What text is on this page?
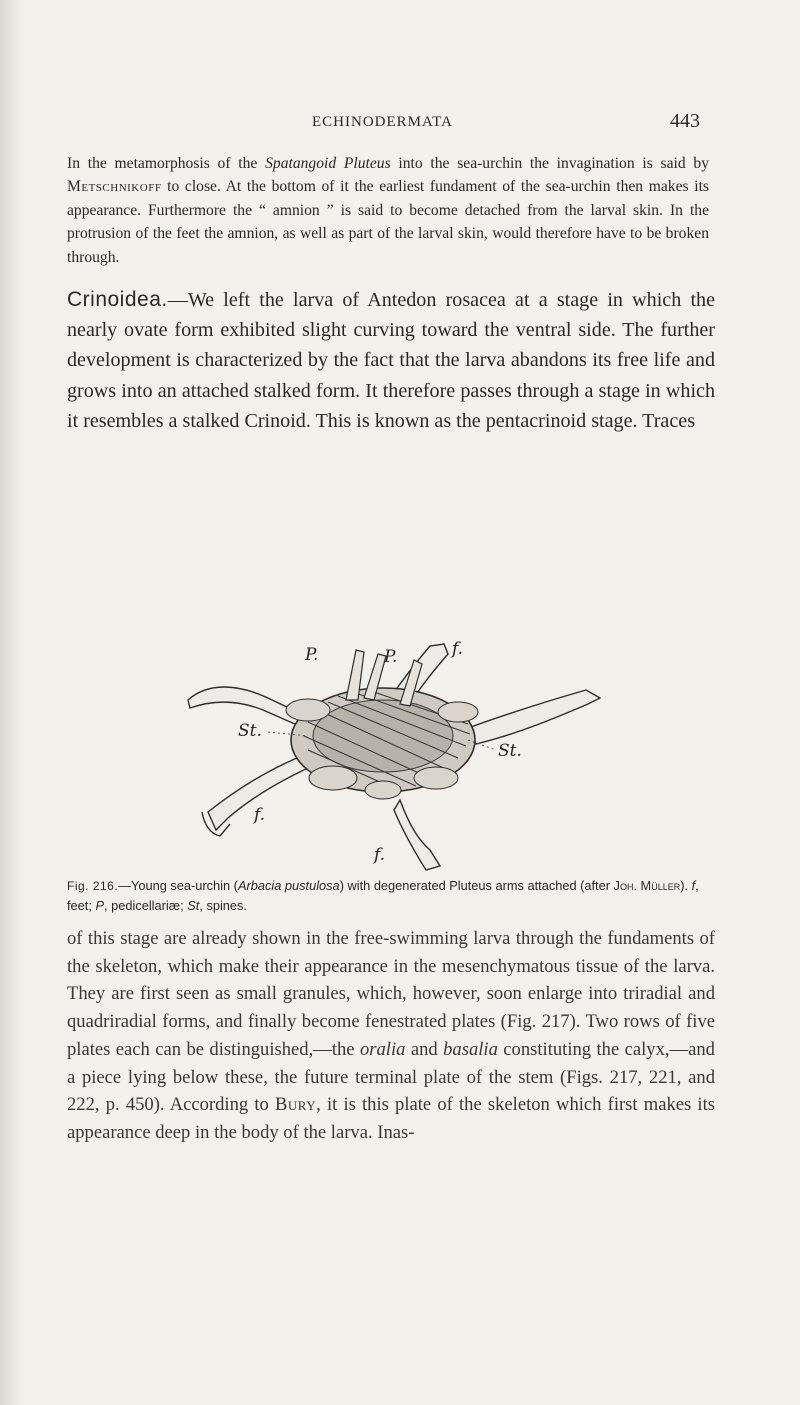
ECHINODERMATA	443

In the metamorphosis of the Spatangoid Pluteus into the sea-urchin the invagination is said by Metschnikoff to close. At the bottom of it the earliest fundament of the sea-urchin then makes its appearance. Furthermore the “ amnion ” is said to become detached from the larval skin. In the protrusion of the feet the amnion, as well as part of the larval skin, would therefore have to be broken through.

Crinoidea.—We left the larva of Antedon rosacea at a stage in which the nearly ovate form exhibited slight curving toward the ventral side. The further development is characterized by the fact that the larva abandons its free life and grows into an attached stalked form. It therefore passes through a stage in which it resembles a stalked Crinoid. This is known as the pentacrinoid stage. Traces

P.	P.	f.
St.
St.
f.
f.

Fig. 216.—Young sea-urchin (Arbacia pustulosa) with degenerated Pluteus arms attached (after Joh. Müller). f, feet; P, pedicellariæ; St, spines.

of this stage are already shown in the free-swimming larva through the fundaments of the skeleton, which make their appearance in the mesenchymatous tissue of the larva. They are first seen as small granules, which, however, soon enlarge into triradial and quadriradial forms, and finally become fenestrated plates (Fig. 217). Two rows of five plates each can be distinguished,—the oralia and basalia constituting the calyx,—and a piece lying below these, the future terminal plate of the stem (Figs. 217, 221, and 222, p. 450). According to Bury, it is this plate of the skeleton which first makes its appearance deep in the body of the larva. Inas-
